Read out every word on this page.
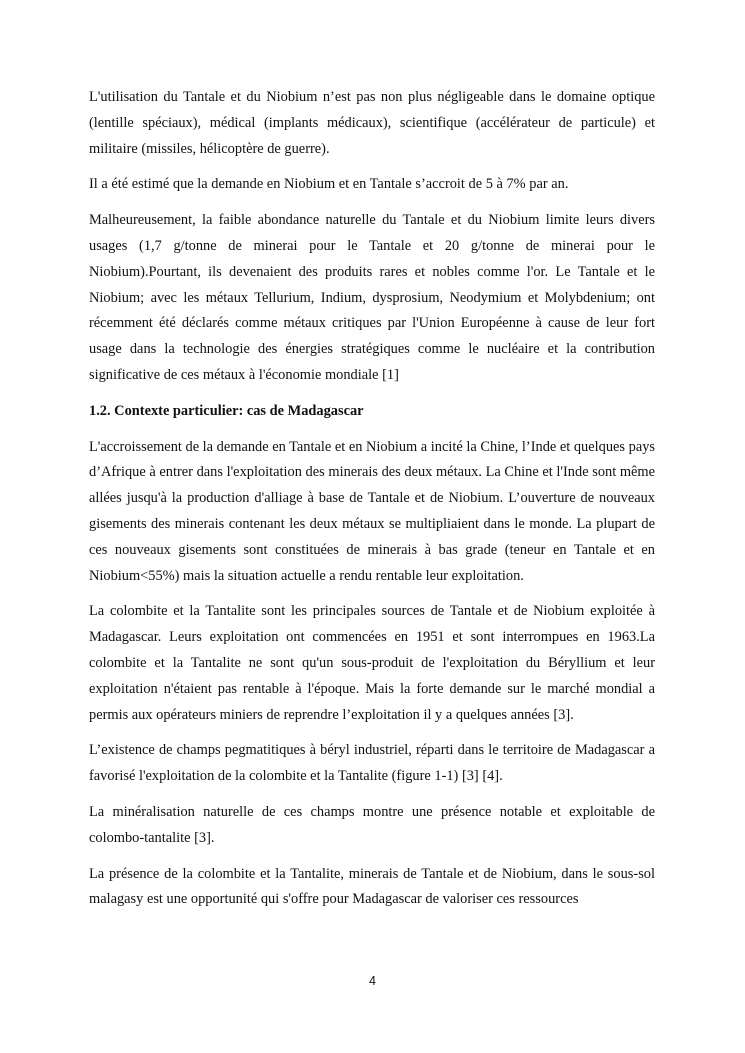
L'utilisation du Tantale et du Niobium n’est pas non plus négligeable dans le domaine optique (lentille spéciaux), médical (implants médicaux), scientifique (accélérateur de particule) et militaire (missiles, hélicoptère de guerre).

Il a été estimé que la demande en Niobium et en Tantale s’accroit de 5 à 7% par an.

Malheureusement, la faible abondance naturelle du Tantale et du Niobium limite leurs divers usages (1,7 g/tonne de minerai pour le Tantale et 20 g/tonne de minerai pour le Niobium).Pourtant, ils devenaient des produits rares et nobles comme l'or. Le Tantale et le Niobium; avec les métaux Tellurium, Indium, dysprosium, Neodymium et Molybdenium; ont récemment été déclarés comme métaux critiques par l'Union Européenne à cause de leur fort usage dans la technologie des énergies stratégiques comme le nucléaire et la contribution significative de ces métaux à l'économie mondiale [1]

1.2. Contexte particulier: cas de Madagascar

L'accroissement de la demande en Tantale et en Niobium a incité la Chine, l’Inde et quelques pays d’Afrique à entrer dans l'exploitation des minerais des deux métaux. La Chine et l'Inde sont même allées jusqu'à la production d'alliage à base de Tantale et de Niobium. L’ouverture de nouveaux gisements des minerais contenant les deux métaux se multipliaient dans le monde. La plupart de ces nouveaux gisements sont constituées de minerais à bas grade (teneur en Tantale et en Niobium<55%) mais la situation actuelle a rendu rentable leur exploitation.

La colombite et la Tantalite sont les principales sources de Tantale et de Niobium exploitée à Madagascar. Leurs exploitation ont commencées en 1951 et sont interrompues en 1963.La colombite et la Tantalite ne sont qu'un sous-produit de l'exploitation du Béryllium et leur exploitation n'étaient pas rentable à l'époque. Mais la forte demande sur le marché mondial a permis aux opérateurs miniers de reprendre l’exploitation il y a quelques années [3].

L’existence de champs pegmatitiques à béryl industriel, réparti dans le territoire de Madagascar a favorisé l'exploitation de la colombite et la Tantalite (figure 1-1) [3] [4].

La minéralisation naturelle de ces champs montre une présence notable et exploitable de colombo-tantalite [3].

La présence de la colombite et la Tantalite, minerais de Tantale et de Niobium, dans le sous-sol malagasy est une opportunité qui s'offre pour Madagascar de valoriser ces ressources

4
